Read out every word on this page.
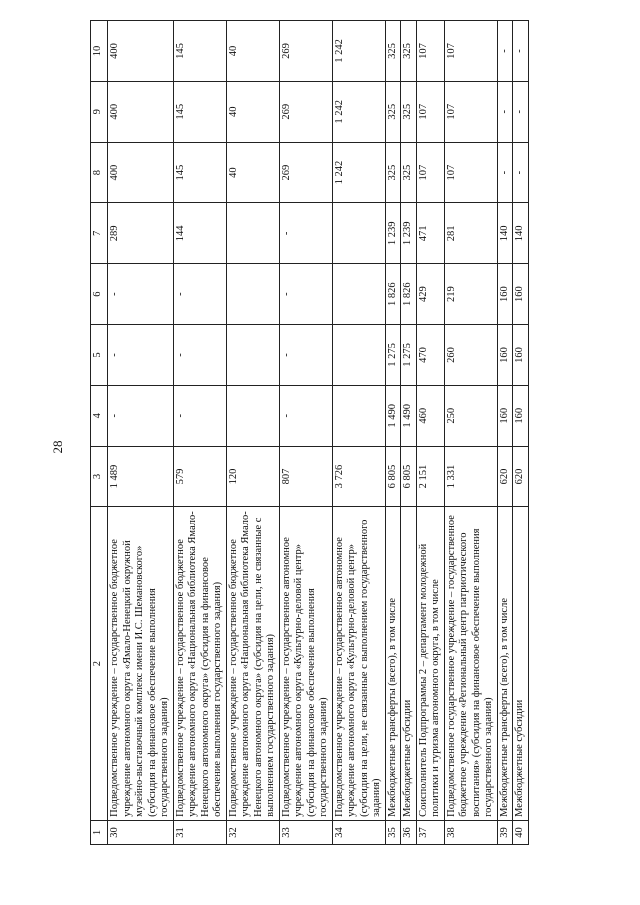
28
1	2	3	4	5	6	7	8	9	10
30	Подведомственное учреждение – государственное бюджетное учреждение автономного округа «Ямало-Ненецкий окружной музейно-выставочный комплекс имени И.С. Шемановского» (субсидия на финансовое обеспечение выполнения государственного задания)	1 489	-	-	-	289	400	400	400
31	Подведомственное учреждение – государственное бюджетное учреждение автономного округа «Национальная библиотека Ямало-Ненецкого автономного округа» (субсидия на финансовое обеспечение выполнения государственного задания)	579	-	-	-	144	145	145	145
32	Подведомственное учреждение – государственное бюджетное учреждение автономного округа «Национальная библиотека Ямало-Ненецкого автономного округа» (субсидия на цели, не связанные с выполнением государственного задания)	120					40	40	40
33	Подведомственное учреждение – государственное автономное учреждение автономного округа «Культурно-деловой центр» (субсидия на финансовое обеспечение выполнения государственного задания)	807	-	-	-	-	269	269	269
34	Подведомственное учреждение – государственное автономное учреждение автономного округа «Культурно-деловой центр» (субсидия на цели, не связанные с выполнением государственного задания)	3 726					1 242	1 242	1 242
35	Межбюджетные трансферты (всего), в том числе	6 805	1 490	1 275	1 826	1 239	325	325	325
36	Межбюджетные субсидии	6 805	1 490	1 275	1 826	1 239	325	325	325
37	Соисполнитель Подпрограммы 2 – департамент молодежной политики и туризма автономного округа, в том числе	2 151	460	470	429	471	107	107	107
38	Подведомственное государственное учреждение – государственное бюджетное учреждение «Региональный центр патриотического воспитания» (субсидия на финансовое обеспечение выполнения государственного задания)	1 331	250	260	219	281	107	107	107
39	Межбюджетные трансферты (всего), в том числе	620	160	160	160	140	-	-	-
40	Межбюджетные субсидии	620	160	160	160	140	-	-	-
